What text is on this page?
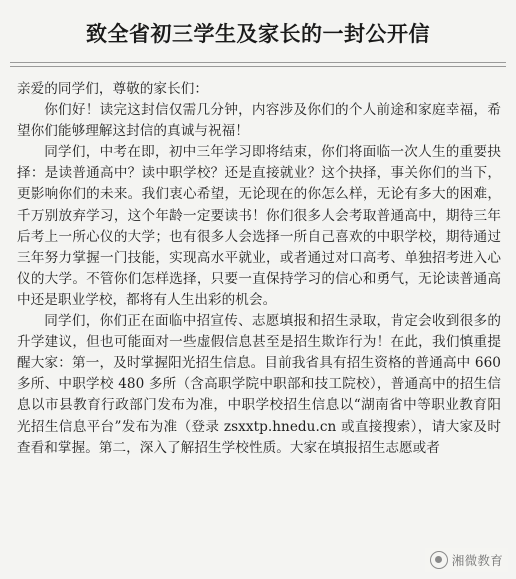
致全省初三学生及家长的一封公开信

亲爱的同学们，尊敬的家长们：

你们好！读完这封信仅需几分钟，内容涉及你们的个人前途和家庭幸福，希望你们能够理解这封信的真诚与祝福！

同学们，中考在即，初中三年学习即将结束，你们将面临一次人生的重要抉择：是读普通高中？读中职学校？还是直接就业？这个抉择，事关你们的当下，更影响你们的未来。我们衷心希望，无论现在的你怎么样，无论有多大的困难，千万别放弃学习，这个年龄一定要读书！你们很多人会考取普通高中，期待三年后考上一所心仪的大学；也有很多人会选择一所自己喜欢的中职学校，期待通过三年努力掌握一门技能，实现高水平就业，或者通过对口高考、单独招考进入心仪的大学。不管你们怎样选择，只要一直保持学习的信心和勇气，无论读普通高中还是职业学校，都将有人生出彩的机会。

同学们，你们正在面临中招宣传、志愿填报和招生录取，肯定会收到很多的升学建议，但也可能面对一些虚假信息甚至是招生欺诈行为！在此，我们慎重提醒大家：第一，及时掌握阳光招生信息。目前我省具有招生资格的普通高中 660 多所、中职学校 480 多所（含高职学院中职部和技工院校），普通高中的招生信息以市县教育行政部门发布为准，中职学校招生信息以“湖南省中等职业教育阳光招生信息平台”发布为准（登录 zsxxtp.hnedu.cn 或直接搜索），请大家及时查看和掌握。第二，深入了解招生学校性质。大家在填报招生志愿或者

湘微教育
